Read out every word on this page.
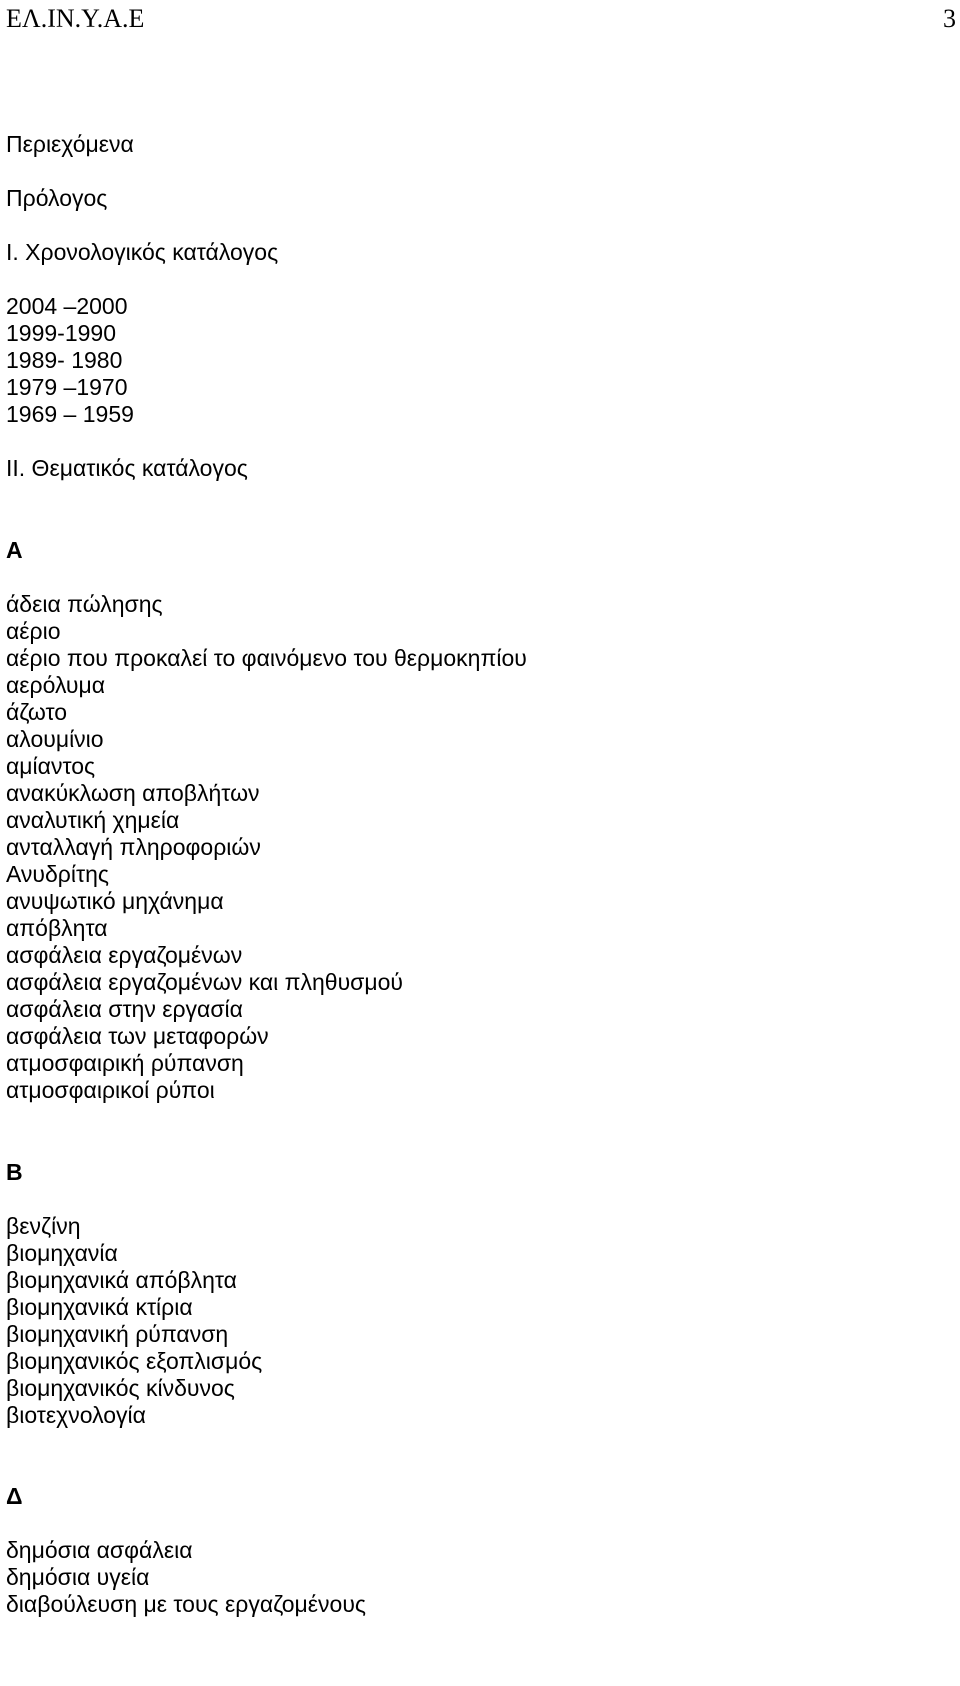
ΕΛ.ΙΝ.Υ.Α.Ε	3
Περιεχόμενα
Πρόλογος
Ι. Χρονολογικός κατάλογος
2004 –2000
1999-1990
1989- 1980
1979 –1970
1969 – 1959
ΙΙ. Θεματικός κατάλογος
Α
άδεια πώλησης
αέριο
αέριο που προκαλεί το φαινόμενο του θερμοκηπίου
αερόλυμα
άζωτο
αλουμίνιο
αμίαντος
ανακύκλωση αποβλήτων
αναλυτική χημεία
ανταλλαγή πληροφοριών
Ανυδρίτης
ανυψωτικό μηχάνημα
απόβλητα
ασφάλεια εργαζομένων
ασφάλεια εργαζομένων και πληθυσμού
ασφάλεια στην εργασία
ασφάλεια των μεταφορών
ατμοσφαιρική ρύπανση
ατμοσφαιρικοί ρύποι
Β
βενζίνη
βιομηχανία
βιομηχανικά απόβλητα
βιομηχανικά κτίρια
βιομηχανική ρύπανση
βιομηχανικός εξοπλισμός
βιομηχανικός κίνδυνος
βιοτεχνολογία
Δ
δημόσια ασφάλεια
δημόσια υγεία
διαβούλευση με τους εργαζομένους
